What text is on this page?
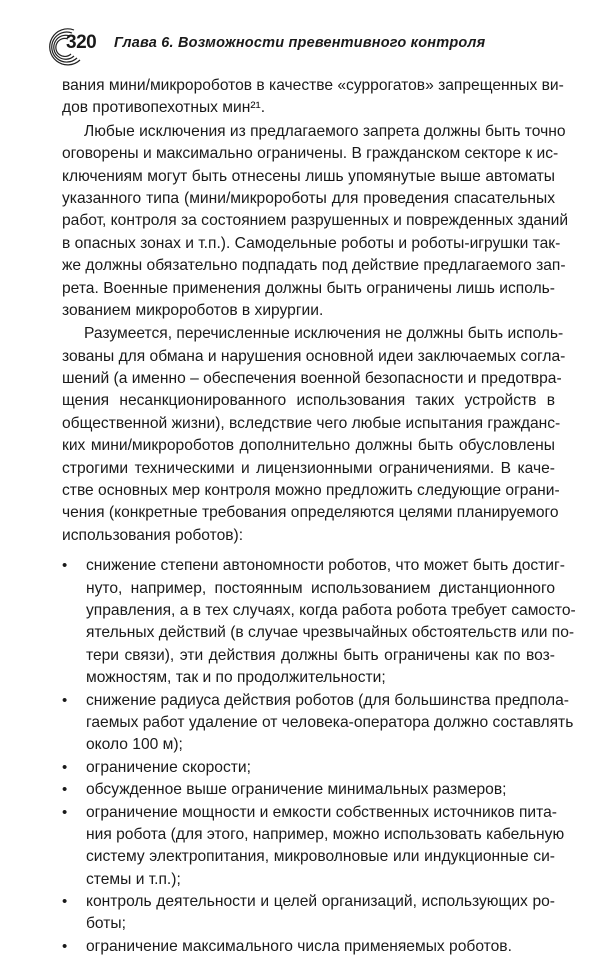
320 Глава 6. Возможности превентивного контроля
вания мини/микророботов в качестве «суррогатов» запрещенных ви-
дов противопехотных мин²¹.
Любые исключения из предлагаемого запрета должны быть точно
оговорены и максимально ограничены. В гражданском секторе к ис-
ключениям могут быть отнесены лишь упомянутые выше автоматы
указанного типа (мини/микророботы для проведения спасательных
работ, контроля за состоянием разрушенных и поврежденных зданий
в опасных зонах и т.п.). Самодельные роботы и роботы-игрушки так-
же должны обязательно подпадать под действие предлагаемого зап-
рета. Военные применения должны быть ограничены лишь исполь-
зованием микророботов в хирургии.
Разумеется, перечисленные исключения не должны быть исполь-
зованы для обмана и нарушения основной идеи заключаемых согла-
шений (а именно – обеспечения военной безопасности и предотвра-
щения несанкционированного использования таких устройств в
общественной жизни), вследствие чего любые испытания гражданс-
ких мини/микророботов дополнительно должны быть обусловлены
строгими техническими и лицензионными ограничениями. В каче-
стве основных мер контроля можно предложить следующие ограни-
чения (конкретные требования определяются целями планируемого
использования роботов):
• снижение степени автономности роботов, что может быть достиг-
нуто, например, постоянным использованием дистанционного
управления, а в тех случаях, когда работа робота требует самосто-
ятельных действий (в случае чрезвычайных обстоятельств или по-
тери связи), эти действия должны быть ограничены как по воз-
можностям, так и по продолжительности;
• снижение радиуса действия роботов (для большинства предпола-
гаемых работ удаление от человека-оператора должно составлять
около 100 м);
• ограничение скорости;
• обсужденное выше ограничение минимальных размеров;
• ограничение мощности и емкости собственных источников пита-
ния робота (для этого, например, можно использовать кабельную
систему электропитания, микроволновые или индукционные си-
стемы и т.п.);
• контроль деятельности и целей организаций, использующих ро-
боты;
• ограничение максимального числа применяемых роботов.
